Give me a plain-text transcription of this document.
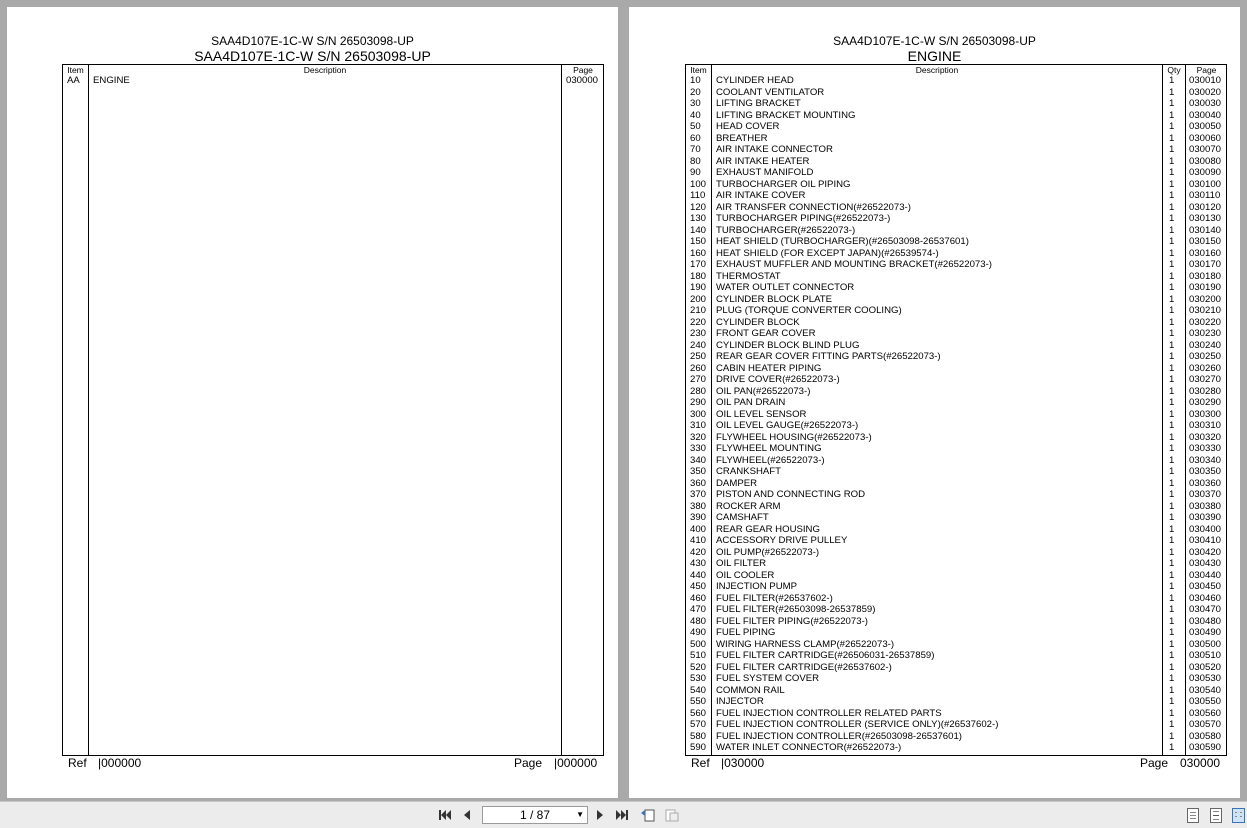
SAA4D107E-1C-W S/N 26503098-UP
SAA4D107E-1C-W S/N 26503098-UP
Item	Description	Page
AA ENGINE	030000
Ref |000000	Page |000000
SAA4D107E-1C-W S/N 26503098-UP
ENGINE
Item	Description	Qty	Page
10 CYLINDER HEAD	1 030010
20 COOLANT VENTILATOR	1 030020
30 LIFTING BRACKET	1 030030
40 LIFTING BRACKET MOUNTING	1 030040
50 HEAD COVER	1 030050
60 BREATHER	1 030060
70 AIR INTAKE CONNECTOR	1 030070
80 AIR INTAKE HEATER	1 030080
90 EXHAUST MANIFOLD	1 030090
100 TURBOCHARGER OIL PIPING	1 030100
110 AIR INTAKE COVER	1 030110
120 AIR TRANSFER CONNECTION(#26522073-)	1 030120
130 TURBOCHARGER PIPING(#26522073-)	1 030130
140 TURBOCHARGER(#26522073-)	1 030140
150 HEAT SHIELD (TURBOCHARGER)(#26503098-26537601)	1 030150
160 HEAT SHIELD (FOR EXCEPT JAPAN)(#26539574-)	1 030160
170 EXHAUST MUFFLER AND MOUNTING BRACKET(#26522073-)	1 030170
180 THERMOSTAT	1 030180
190 WATER OUTLET CONNECTOR	1 030190
200 CYLINDER BLOCK PLATE	1 030200
210 PLUG (TORQUE CONVERTER COOLING)	1 030210
220 CYLINDER BLOCK	1 030220
230 FRONT GEAR COVER	1 030230
240 CYLINDER BLOCK BLIND PLUG	1 030240
250 REAR GEAR COVER FITTING PARTS(#26522073-)	1 030250
260 CABIN HEATER PIPING	1 030260
270 DRIVE COVER(#26522073-)	1 030270
280 OIL PAN(#26522073-)	1 030280
290 OIL PAN DRAIN	1 030290
300 OIL LEVEL SENSOR	1 030300
310 OIL LEVEL GAUGE(#26522073-)	1 030310
320 FLYWHEEL HOUSING(#26522073-)	1 030320
330 FLYWHEEL MOUNTING	1 030330
340 FLYWHEEL(#26522073-)	1 030340
350 CRANKSHAFT	1 030350
360 DAMPER	1 030360
370 PISTON AND CONNECTING ROD	1 030370
380 ROCKER ARM	1 030380
390 CAMSHAFT	1 030390
400 REAR GEAR HOUSING	1 030400
410 ACCESSORY DRIVE PULLEY	1 030410
420 OIL PUMP(#26522073-)	1 030420
430 OIL FILTER	1 030430
440 OIL COOLER	1 030440
450 INJECTION PUMP	1 030450
460 FUEL FILTER(#26537602-)	1 030460
470 FUEL FILTER(#26503098-26537859)	1 030470
480 FUEL FILTER PIPING(#26522073-)	1 030480
490 FUEL PIPING	1 030490
500 WIRING HARNESS CLAMP(#26522073-)	1 030500
510 FUEL FILTER CARTRIDGE(#26506031-26537859)	1 030510
520 FUEL FILTER CARTRIDGE(#26537602-)	1 030520
530 FUEL SYSTEM COVER	1 030530
540 COMMON RAIL	1 030540
550 INJECTOR	1 030550
560 FUEL INJECTION CONTROLLER RELATED PARTS	1 030560
570 FUEL INJECTION CONTROLLER (SERVICE ONLY)(#26537602-)	1 030570
580 FUEL INJECTION CONTROLLER(#26503098-26537601)	1 030580
590 WATER INLET CONNECTOR(#26522073-)	1 030590
Ref |030000	Page 030000
1 / 87	▼
